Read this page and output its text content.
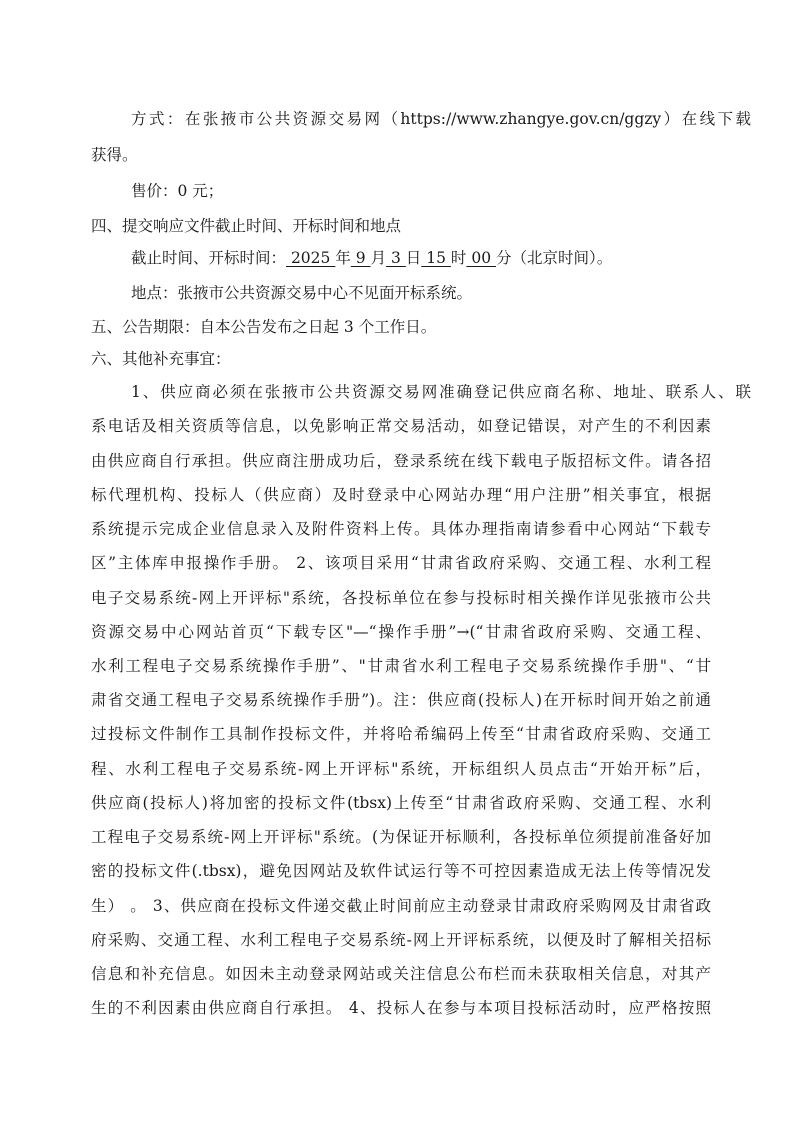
方式：在张掖市公共资源交易网（https://www.zhangye.gov.cn/ggzy）在线下载
获得。
售价：0 元；
四、提交响应文件截止时间、开标时间和地点
截止时间、开标时间： 2025 年 9 月 3 日 15 时 00 分（北京时间）。
地点：张掖市公共资源交易中心不见面开标系统。
五、公告期限：自本公告发布之日起 3 个工作日。
六、其他补充事宜：
1、供应商必须在张掖市公共资源交易网准确登记供应商名称、地址、联系人、联
系电话及相关资质等信息，以免影响正常交易活动，如登记错误，对产生的不利因素
由供应商自行承担。供应商注册成功后，登录系统在线下载电子版招标文件。请各招
标代理机构、投标人（供应商）及时登录中心网站办理“用户注册”相关事宜，根据
系统提示完成企业信息录入及附件资料上传。具体办理指南请参看中心网站“下载专
区”主体库申报操作手册。 2、该项目采用“甘肃省政府采购、交通工程、水利工程
电子交易系统-网上开评标"系统，各投标单位在参与投标时相关操作详见张掖市公共
资源交易中心网站首页“下载专区"—“操作手册”→(“甘肃省政府采购、交通工程、
水利工程电子交易系统操作手册”、"甘肃省水利工程电子交易系统操作手册"、“甘
肃省交通工程电子交易系统操作手册”)。注：供应商(投标人)在开标时间开始之前通
过投标文件制作工具制作投标文件，并将哈希编码上传至“甘肃省政府采购、交通工
程、水利工程电子交易系统-网上开评标"系统，开标组织人员点击“开始开标”后，
供应商(投标人)将加密的投标文件(tbsx)上传至“甘肃省政府采购、交通工程、水利
工程电子交易系统-网上开评标"系统。(为保证开标顺利，各投标单位须提前准备好加
密的投标文件(.tbsx)，避免因网站及软件试运行等不可控因素造成无法上传等情况发
生） 。 3、供应商在投标文件递交截止时间前应主动登录甘肃政府采购网及甘肃省政
府采购、交通工程、水利工程电子交易系统-网上开评标系统，以便及时了解相关招标
信息和补充信息。如因未主动登录网站或关注信息公布栏而未获取相关信息，对其产
生的不利因素由供应商自行承担。 4、投标人在参与本项目投标活动时，应严格按照
